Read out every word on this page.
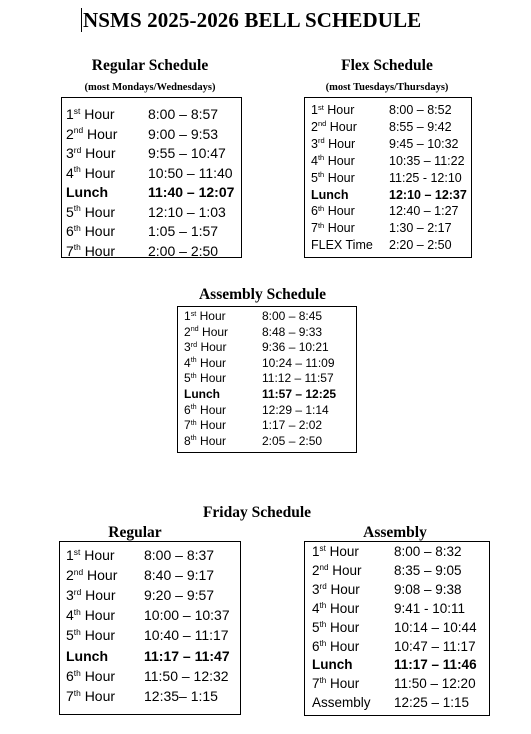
NSMS 2025-2026 BELL SCHEDULE
Regular Schedule
(most Mondays/Wednesdays)
1st Hour 8:00 – 8:57
2nd Hour 9:00 – 9:53
3rd Hour 9:55 – 10:47
4th Hour 10:50 – 11:40
Lunch	11:40 – 12:07
5th Hour 12:10 – 1:03
6th Hour 1:05 – 1:57
7th Hour 2:00 – 2:50
Flex Schedule
(most Tuesdays/Thursdays)
1st Hour	8:00 – 8:52
2nd Hour	8:55 – 9:42
3rd Hour	9:45 – 10:32
4th Hour	10:35 – 11:22
5th Hour	11:25 - 12:10
Lunch	12:10 – 12:37
6th Hour	12:40 – 1:27
7th Hour	1:30 – 2:17
FLEX Time 2:20 – 2:50
Assembly Schedule
1st Hour	8:00 – 8:45
2nd Hour	8:48 – 9:33
3rd Hour	9:36 – 10:21
4th Hour	10:24 – 11:09
5th Hour	11:12 – 11:57
Lunch	11:57 – 12:25
6th Hour	12:29 – 1:14
7th Hour	1:17 – 2:02
8th Hour	2:05 – 2:50
Friday Schedule
Regular	Assembly
1st Hour 8:00 – 8:37
2nd Hour 8:40 – 9:17
3rd Hour 9:20 – 9:57
4th Hour 10:00 – 10:37
5th Hour 10:40 – 11:17
Lunch	11:17 – 11:47
6th Hour 11:50 – 12:32
7th Hour 12:35– 1:15
1st Hour	8:00 – 8:32
2nd Hour 8:35 – 9:05
3rd Hour	9:08 – 9:38
4th Hour	9:41 - 10:11
5th Hour	10:14 – 10:44
6th Hour	10:47 – 11:17
Lunch	11:17 – 11:46
7th Hour	11:50 – 12:20
Assembly 12:25 – 1:15
